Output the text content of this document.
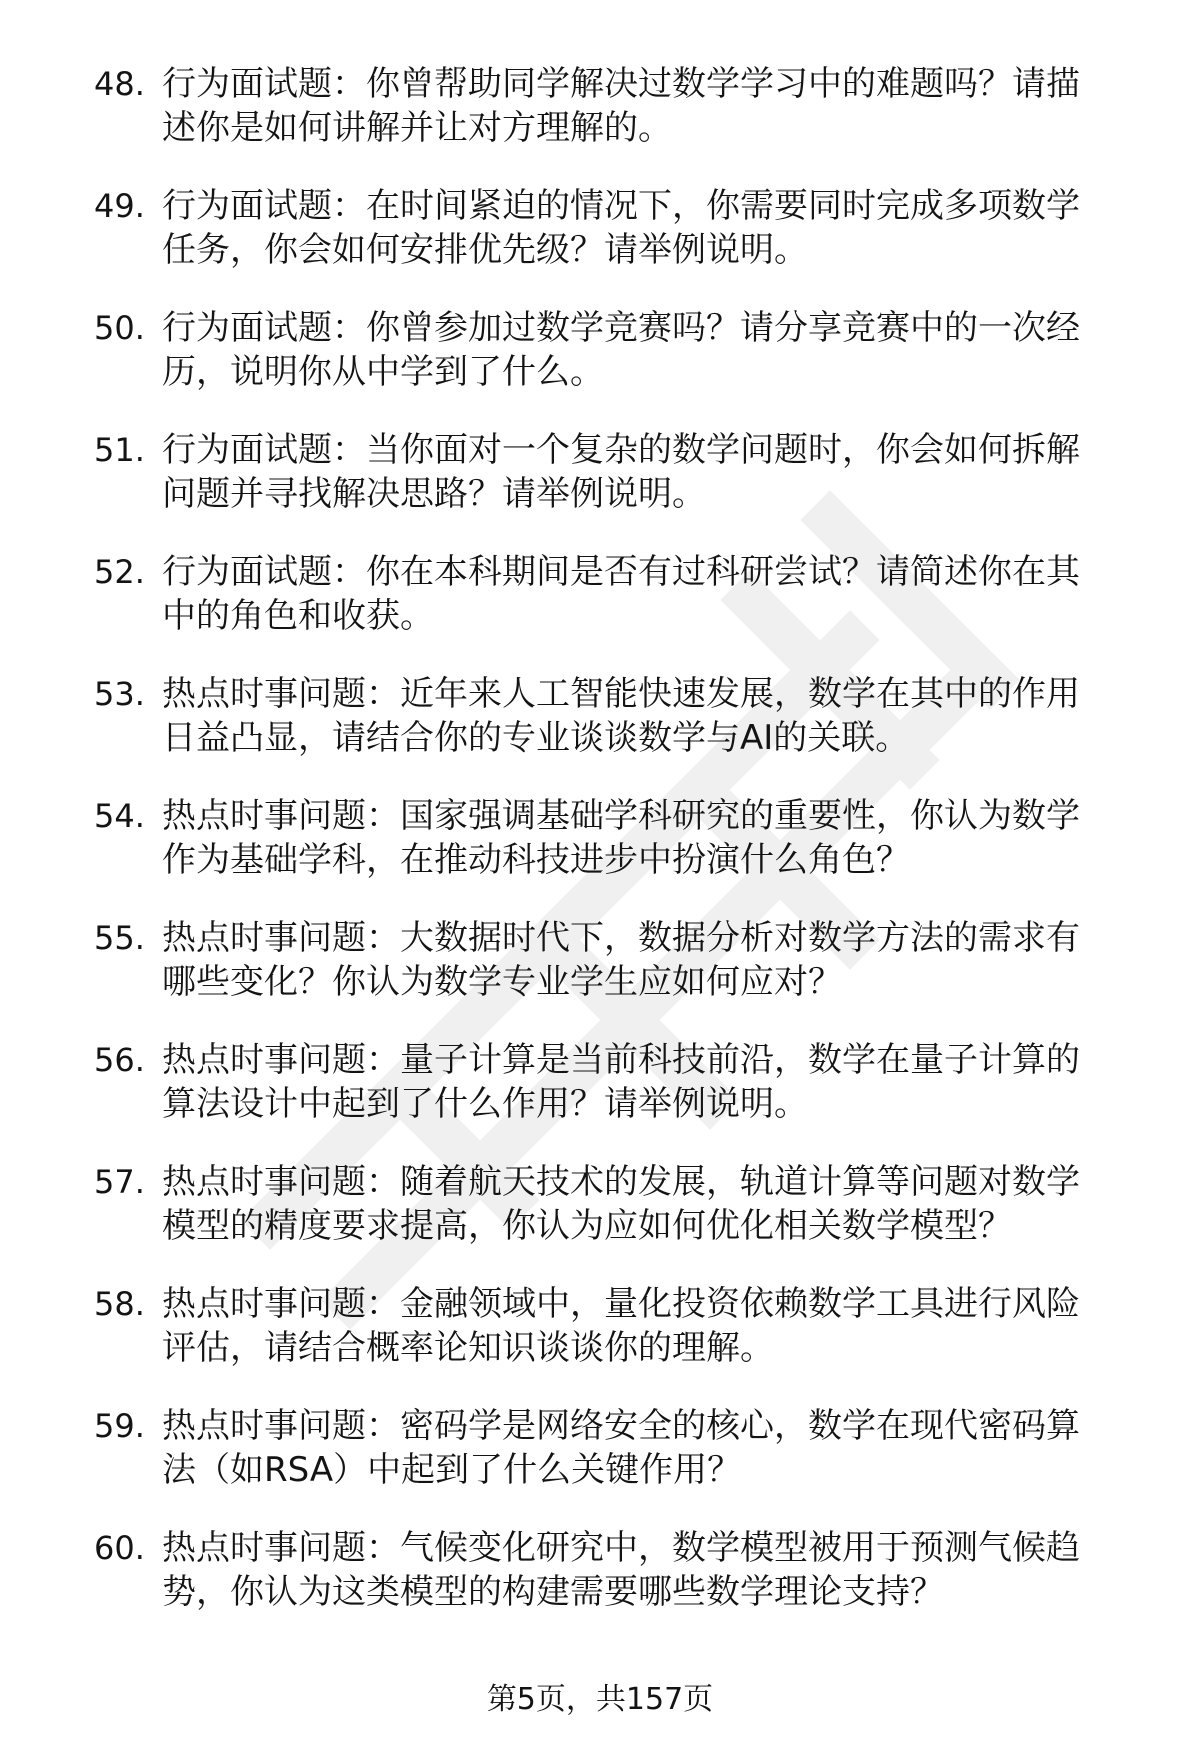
48. 行为面试题：你曾帮助同学解决过数学学习中的难题吗？请描述你是如何讲解并让对方理解的。
49. 行为面试题：在时间紧迫的情况下，你需要同时完成多项数学任务，你会如何安排优先级？请举例说明。
50. 行为面试题：你曾参加过数学竞赛吗？请分享竞赛中的一次经历，说明你从中学到了什么。
51. 行为面试题：当你面对一个复杂的数学问题时，你会如何拆解问题并寻找解决思路？请举例说明。
52. 行为面试题：你在本科期间是否有过科研尝试？请简述你在其中的角色和收获。
53. 热点时事问题：近年来人工智能快速发展，数学在其中的作用日益凸显，请结合你的专业谈谈数学与AI的关联。
54. 热点时事问题：国家强调基础学科研究的重要性，你认为数学作为基础学科，在推动科技进步中扮演什么角色？
55. 热点时事问题：大数据时代下，数据分析对数学方法的需求有哪些变化？你认为数学专业学生应如何应对？
56. 热点时事问题：量子计算是当前科技前沿，数学在量子计算的算法设计中起到了什么作用？请举例说明。
57. 热点时事问题：随着航天技术的发展，轨道计算等问题对数学模型的精度要求提高，你认为应如何优化相关数学模型？
58. 热点时事问题：金融领域中，量化投资依赖数学工具进行风险评估，请结合概率论知识谈谈你的理解。
59. 热点时事问题：密码学是网络安全的核心，数学在现代密码算法（如RSA）中起到了什么关键作用？
60. 热点时事问题：气候变化研究中，数学模型被用于预测气候趋势，你认为这类模型的构建需要哪些数学理论支持？
第5页，共157页
